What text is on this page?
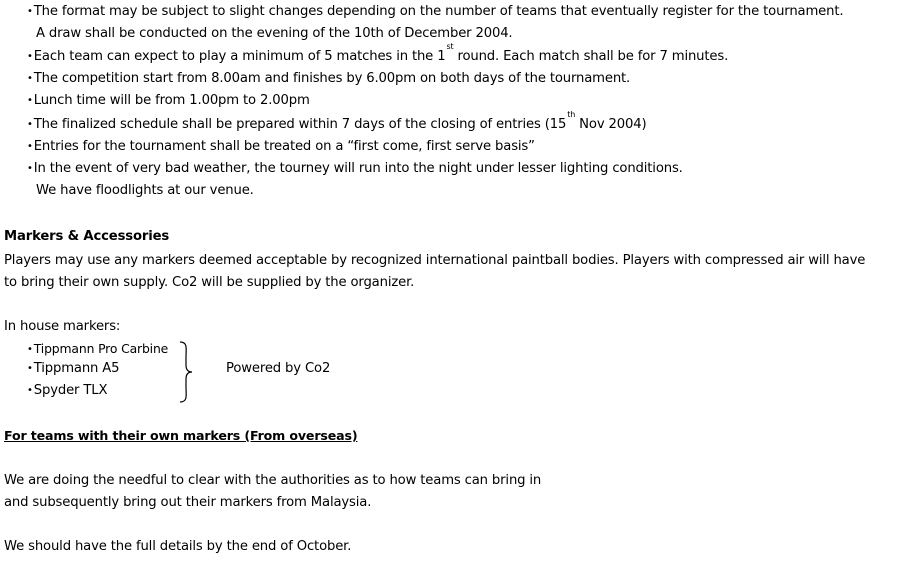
• The format may be subject to slight changes depending on the number of teams that eventually register for the tournament.
A draw shall be conducted on the evening of the 10th of December 2004.
• Each team can expect to play a minimum of 5 matches in the 1st round. Each match shall be for 7 minutes.
• The competition start from 8.00am and finishes by 6.00pm on both days of the tournament.
• Lunch time will be from 1.00pm to 2.00pm
• The finalized schedule shall be prepared within 7 days of the closing of entries (15th Nov 2004)
• Entries for the tournament shall be treated on a “first come, first serve basis”
• In the event of very bad weather, the tourney will run into the night under lesser lighting conditions.
We have floodlights at our venue.
Markers & Accessories
Players may use any markers deemed acceptable by recognized international paintball bodies. Players with compressed air will have
to bring their own supply. Co2 will be supplied by the organizer.
In house markers:
• Tippmann Pro Carbine
• Tippmann A5
• Spyder TLX
Powered by Co2
For teams with their own markers (From overseas)
We are doing the needful to clear with the authorities as to how teams can bring in
and subsequently bring out their markers from Malaysia.
We should have the full details by the end of October.
